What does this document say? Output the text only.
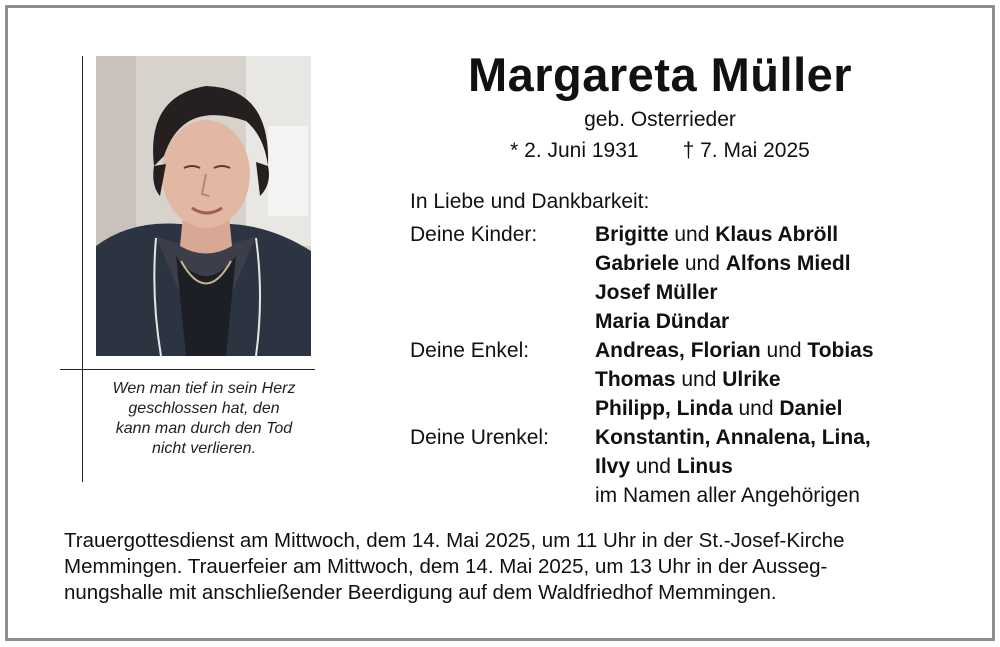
Wen man tief in sein Herz
geschlossen hat, den
kann man durch den Tod
nicht verlieren.
Margareta Müller
geb. Osterrieder
* 2. Juni 1931 † 7. Mai 2025
In Liebe und Dankbarkeit:
Deine Kinder:	Brigitte und Klaus Abröll
Gabriele und Alfons Miedl
Josef Müller
Maria Dündar
Deine Enkel:	Andreas, Florian und Tobias
Thomas und Ulrike
Philipp, Linda und Daniel
Deine Urenkel:	Konstantin, Annalena, Lina,
Ilvy und Linus
im Namen aller Angehörigen
Trauergottesdienst am Mittwoch, dem 14. Mai 2025, um 11 Uhr in der St.-Josef-Kirche
Memmingen. Trauerfeier am Mittwoch, dem 14. Mai 2025, um 13 Uhr in der Ausseg-
nungshalle mit anschließender Beerdigung auf dem Waldfriedhof Memmingen.
